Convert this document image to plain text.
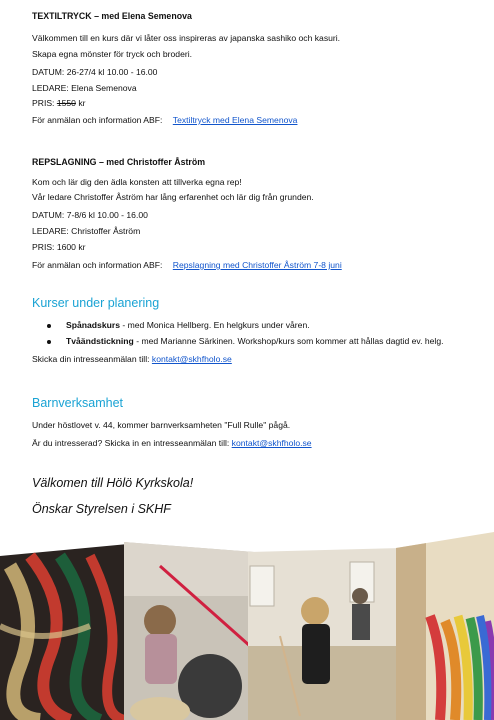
TEXTILTRYCK – med Elena Semenova
Välkommen till en kurs där vi låter oss inspireras av japanska sashiko och kasuri.
Skapa egna mönster för tryck och broderi.
DATUM: 26-27/4 kl 10.00 - 16.00
LEDARE: Elena Semenova
PRIS: 1550 kr
För anmälan och information ABF: Textiltryck med Elena Semenova
REPSLAGNING – med Christoffer Åström
Kom och lär dig den ädla konsten att tillverka egna rep!
Vår ledare Christoffer Åström har lång erfarenhet och lär dig från grunden.
DATUM: 7-8/6 kl 10.00 - 16.00
LEDARE: Christoffer Åström
PRIS: 1600 kr
För anmälan och information ABF: Repslagning med Christoffer Åström 7-8 juni
Kurser under planering
Spånadskurs - med Monica Hellberg. En helgkurs under våren.
Tvåändstickning - med Marianne Särkinen. Workshop/kurs som kommer att hållas dagtid ev. helg.
Skicka din intresseanmälan till: kontakt@skhfholo.se
Barnverksamhet
Under höstlovet v. 44, kommer barnverksamheten "Full Rulle" pågå.
Är du intresserad? Skicka in en intresseanmälan till: kontakt@skhfholo.se
Välkomen till Hölö Kyrkskola!
Önskar Styrelsen i SKHF
